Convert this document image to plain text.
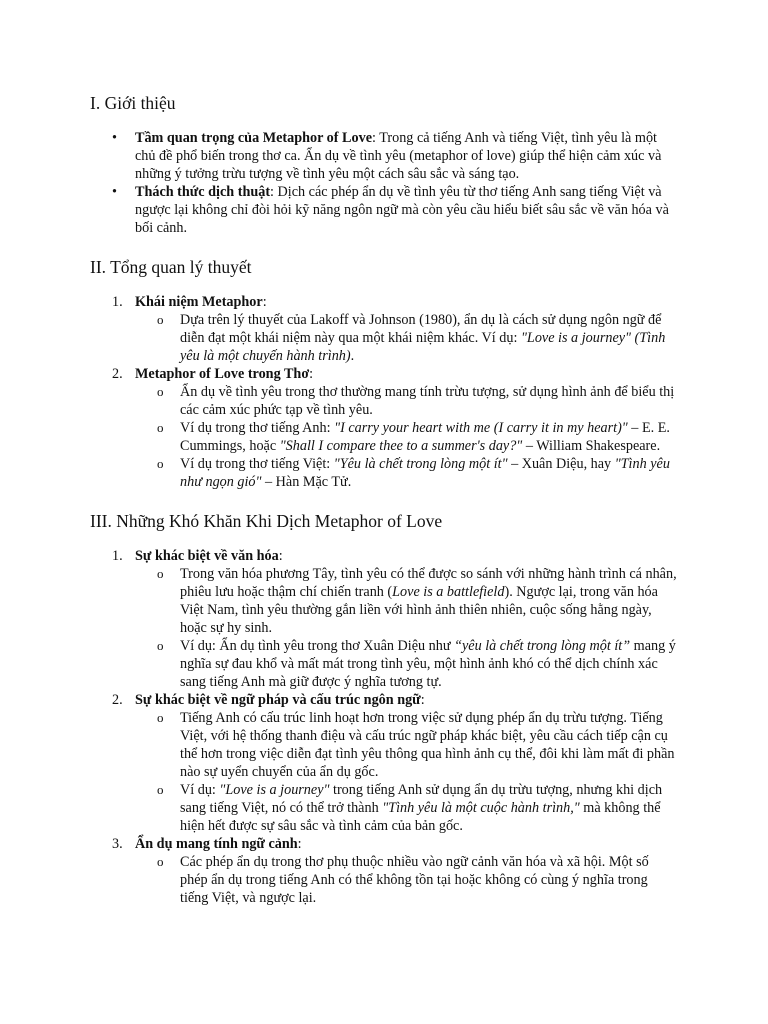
I. Giới thiệu
• Tầm quan trọng của Metaphor of Love: Trong cả tiếng Anh và tiếng Việt, tình yêu là một chủ đề phổ biến trong thơ ca. Ẩn dụ về tình yêu (metaphor of love) giúp thể hiện cảm xúc và những ý tưởng trừu tượng về tình yêu một cách sâu sắc và sáng tạo.
• Thách thức dịch thuật: Dịch các phép ẩn dụ về tình yêu từ thơ tiếng Anh sang tiếng Việt và ngược lại không chỉ đòi hỏi kỹ năng ngôn ngữ mà còn yêu cầu hiểu biết sâu sắc về văn hóa và bối cảnh.
II. Tổng quan lý thuyết
1. Khái niệm Metaphor:
o Dựa trên lý thuyết của Lakoff và Johnson (1980), ẩn dụ là cách sử dụng ngôn ngữ để diễn đạt một khái niệm này qua một khái niệm khác. Ví dụ: "Love is a journey" (Tình yêu là một chuyến hành trình).
2. Metaphor of Love trong Thơ:
o Ẩn dụ về tình yêu trong thơ thường mang tính trừu tượng, sử dụng hình ảnh để biểu thị các cảm xúc phức tạp về tình yêu.
o Ví dụ trong thơ tiếng Anh: "I carry your heart with me (I carry it in my heart)" – E. E. Cummings, hoặc "Shall I compare thee to a summer's day?" – William Shakespeare.
o Ví dụ trong thơ tiếng Việt: "Yêu là chết trong lòng một ít" – Xuân Diệu, hay "Tình yêu như ngọn gió" – Hàn Mặc Tử.
III. Những Khó Khăn Khi Dịch Metaphor of Love
1. Sự khác biệt về văn hóa:
o Trong văn hóa phương Tây, tình yêu có thể được so sánh với những hành trình cá nhân, phiêu lưu hoặc thậm chí chiến tranh (Love is a battlefield). Ngược lại, trong văn hóa Việt Nam, tình yêu thường gắn liền với hình ảnh thiên nhiên, cuộc sống hằng ngày, hoặc sự hy sinh.
o Ví dụ: Ẩn dụ tình yêu trong thơ Xuân Diệu như “yêu là chết trong lòng một ít” mang ý nghĩa sự đau khổ và mất mát trong tình yêu, một hình ảnh khó có thể dịch chính xác sang tiếng Anh mà giữ được ý nghĩa tương tự.
2. Sự khác biệt về ngữ pháp và cấu trúc ngôn ngữ:
o Tiếng Anh có cấu trúc linh hoạt hơn trong việc sử dụng phép ẩn dụ trừu tượng. Tiếng Việt, với hệ thống thanh điệu và cấu trúc ngữ pháp khác biệt, yêu cầu cách tiếp cận cụ thể hơn trong việc diễn đạt tình yêu thông qua hình ảnh cụ thể, đôi khi làm mất đi phần nào sự uyển chuyển của ẩn dụ gốc.
o Ví dụ: "Love is a journey" trong tiếng Anh sử dụng ẩn dụ trừu tượng, nhưng khi dịch sang tiếng Việt, nó có thể trở thành "Tình yêu là một cuộc hành trình," mà không thể hiện hết được sự sâu sắc và tình cảm của bản gốc.
3. Ẩn dụ mang tính ngữ cảnh:
o Các phép ẩn dụ trong thơ phụ thuộc nhiều vào ngữ cảnh văn hóa và xã hội. Một số phép ẩn dụ trong tiếng Anh có thể không tồn tại hoặc không có cùng ý nghĩa trong tiếng Việt, và ngược lại.
